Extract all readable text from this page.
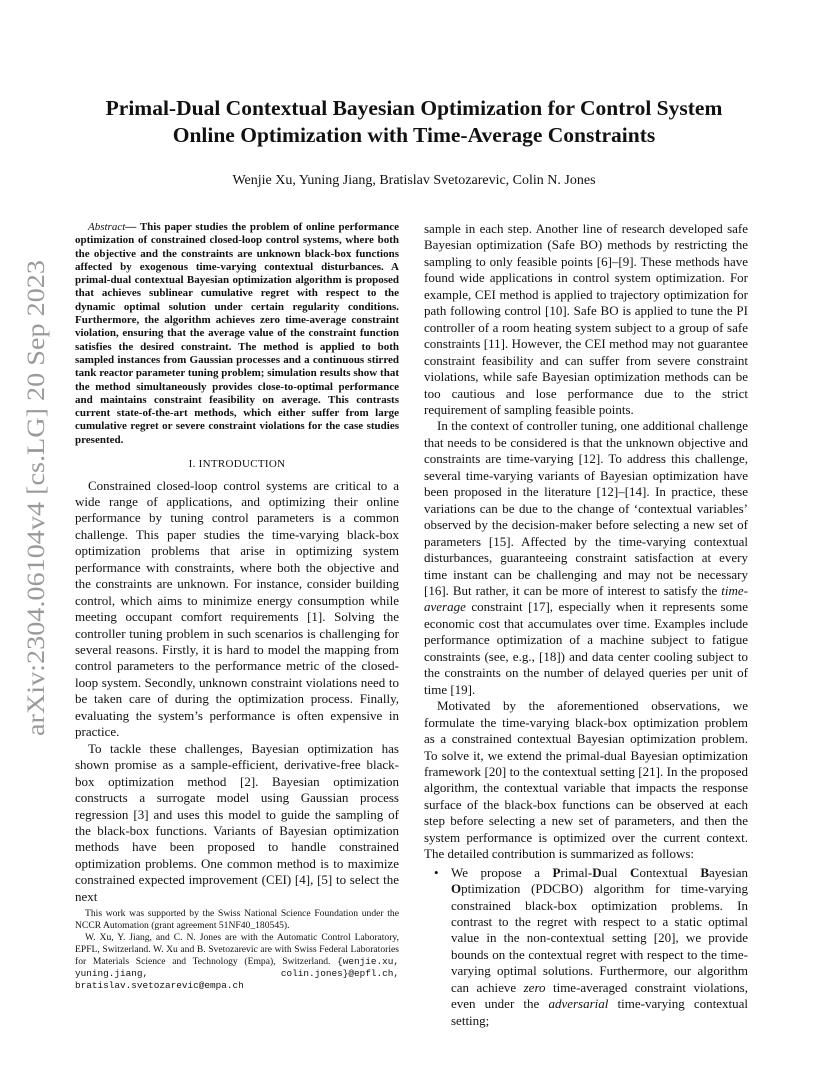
arXiv:2304.06104v4 [cs.LG] 20 Sep 2023
Primal-Dual Contextual Bayesian Optimization for Control System
Online Optimization with Time-Average Constraints

Wenjie Xu, Yuning Jiang, Bratislav Svetozarevic, Colin N. Jones

Abstract— This paper studies the problem of online performance optimization of constrained closed-loop control systems, where both the objective and the constraints are unknown black-box functions affected by exogenous time-varying contextual disturbances. A primal-dual contextual Bayesian optimization algorithm is proposed that achieves sublinear cumulative regret with respect to the dynamic optimal solution under certain regularity conditions. Furthermore, the algorithm achieves zero time-average constraint violation, ensuring that the average value of the constraint function satisfies the desired constraint. The method is applied to both sampled instances from Gaussian processes and a continuous stirred tank reactor parameter tuning problem; simulation results show that the method simultaneously provides close-to-optimal performance and maintains constraint feasibility on average. This contrasts current state-of-the-art methods, which either suffer from large cumulative regret or severe constraint violations for the case studies presented.

I. INTRODUCTION

Constrained closed-loop control systems are critical to a wide range of applications, and optimizing their online performance by tuning control parameters is a common challenge. This paper studies the time-varying black-box optimization problems that arise in optimizing system performance with constraints, where both the objective and the constraints are unknown. For instance, consider building control, which aims to minimize energy consumption while meeting occupant comfort requirements [1]. Solving the controller tuning problem in such scenarios is challenging for several reasons. Firstly, it is hard to model the mapping from control parameters to the performance metric of the closed-loop system. Secondly, unknown constraint violations need to be taken care of during the optimization process. Finally, evaluating the system’s performance is often expensive in practice.

To tackle these challenges, Bayesian optimization has shown promise as a sample-efficient, derivative-free black-box optimization method [2]. Bayesian optimization constructs a surrogate model using Gaussian process regression [3] and uses this model to guide the sampling of the black-box functions. Variants of Bayesian optimization methods have been proposed to handle constrained optimization problems. One common method is to maximize constrained expected improvement (CEI) [4], [5] to select the next

sample in each step. Another line of research developed safe Bayesian optimization (Safe BO) methods by restricting the sampling to only feasible points [6]–[9]. These methods have found wide applications in control system optimization. For example, CEI method is applied to trajectory optimization for path following control [10]. Safe BO is applied to tune the PI controller of a room heating system subject to a group of safe constraints [11]. However, the CEI method may not guarantee constraint feasibility and can suffer from severe constraint violations, while safe Bayesian optimization methods can be too cautious and lose performance due to the strict requirement of sampling feasible points.

In the context of controller tuning, one additional challenge that needs to be considered is that the unknown objective and constraints are time-varying [12]. To address this challenge, several time-varying variants of Bayesian optimization have been proposed in the literature [12]–[14]. In practice, these variations can be due to the change of ‘contextual variables’ observed by the decision-maker before selecting a new set of parameters [15]. Affected by the time-varying contextual disturbances, guaranteeing constraint satisfaction at every time instant can be challenging and may not be necessary [16]. But rather, it can be more of interest to satisfy the time-average constraint [17], especially when it represents some economic cost that accumulates over time. Examples include performance optimization of a machine subject to fatigue constraints (see, e.g., [18]) and data center cooling subject to the constraints on the number of delayed queries per unit of time [19].

Motivated by the aforementioned observations, we formulate the time-varying black-box optimization problem as a constrained contextual Bayesian optimization problem. To solve it, we extend the primal-dual Bayesian optimization framework [20] to the contextual setting [21]. In the proposed algorithm, the contextual variable that impacts the response surface of the black-box functions can be observed at each step before selecting a new set of parameters, and then the system performance is optimized over the current context. The detailed contribution is summarized as follows:

• We propose a Primal-Dual Contextual Bayesian Optimization (PDCBO) algorithm for time-varying constrained black-box optimization problems. In contrast to the regret with respect to a static optimal value in the non-contextual setting [20], we provide bounds on the contextual regret with respect to the time-varying optimal solutions. Furthermore, our algorithm can achieve zero time-averaged constraint violations, even under the adversarial time-varying contextual setting;

This work was supported by the Swiss National Science Foundation under the NCCR Automation (grant agreement 51NF40_180545).

W. Xu, Y. Jiang, and C. N. Jones are with the Automatic Control Laboratory, EPFL, Switzerland. W. Xu and B. Svetozarevic are with Swiss Federal Laboratories for Materials Science and Technology (Empa), Switzerland. {wenjie.xu, yuning.jiang, colin.jones}@epfl.ch, bratislav.svetozarevic@empa.ch
